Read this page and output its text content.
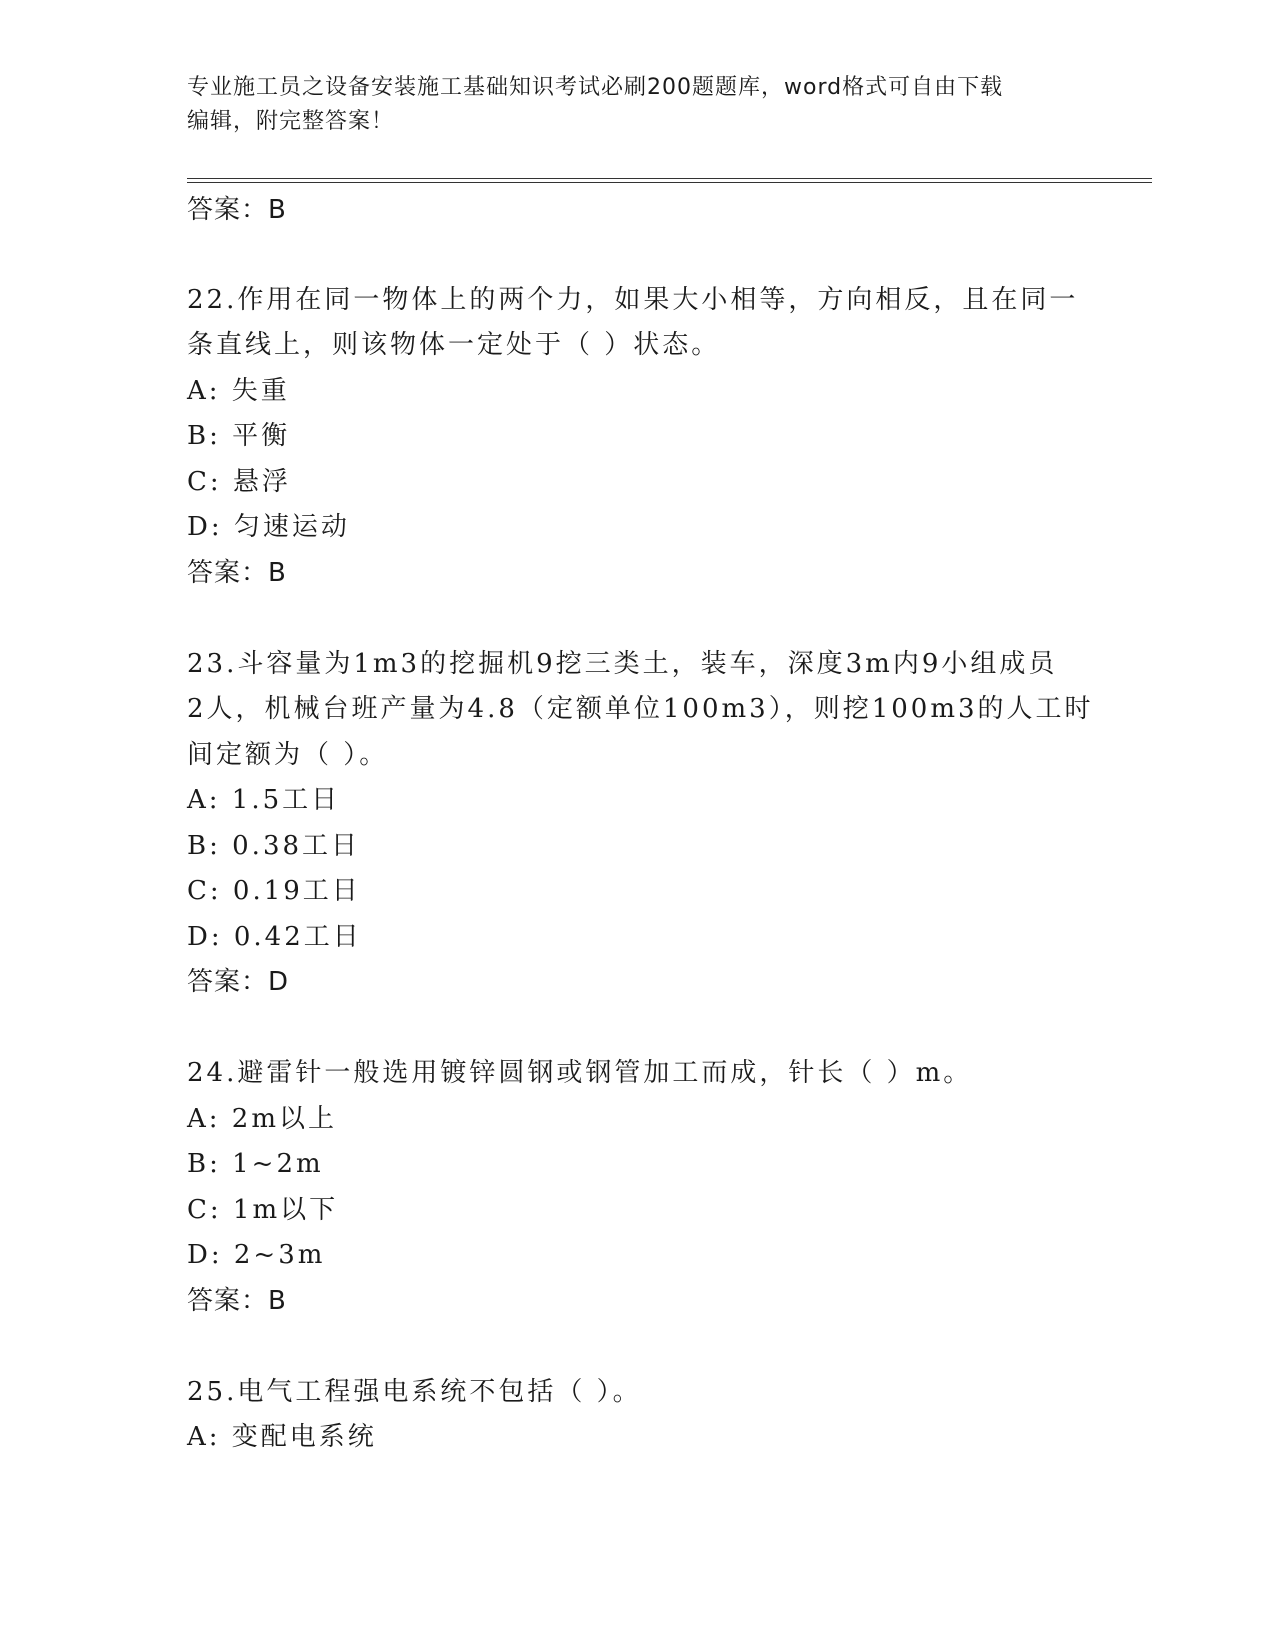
专业施工员之设备安装施工基础知识考试必刷200题题库，word格式可自由下载
编辑，附完整答案！
答案：B
22.作用在同一物体上的两个力，如果大小相等，方向相反，且在同一
条直线上，则该物体一定处于（ ）状态。
A: 失重
B: 平衡
C: 悬浮
D: 匀速运动
答案：B
23.斗容量为1m3的挖掘机9挖三类土，装车，深度3m内9小组成员
2人，机械台班产量为4.8（定额单位100m3），则挖100m3的人工时
间定额为（ ）。
A: 1.5工日
B: 0.38工日
C: 0.19工日
D: 0.42工日
答案：D
24.避雷针一般选用镀锌圆钢或钢管加工而成，针长（ ）m。
A: 2m以上
B: 1~2m
C: 1m以下
D: 2~3m
答案：B
25.电气工程强电系统不包括（ ）。
A: 变配电系统
